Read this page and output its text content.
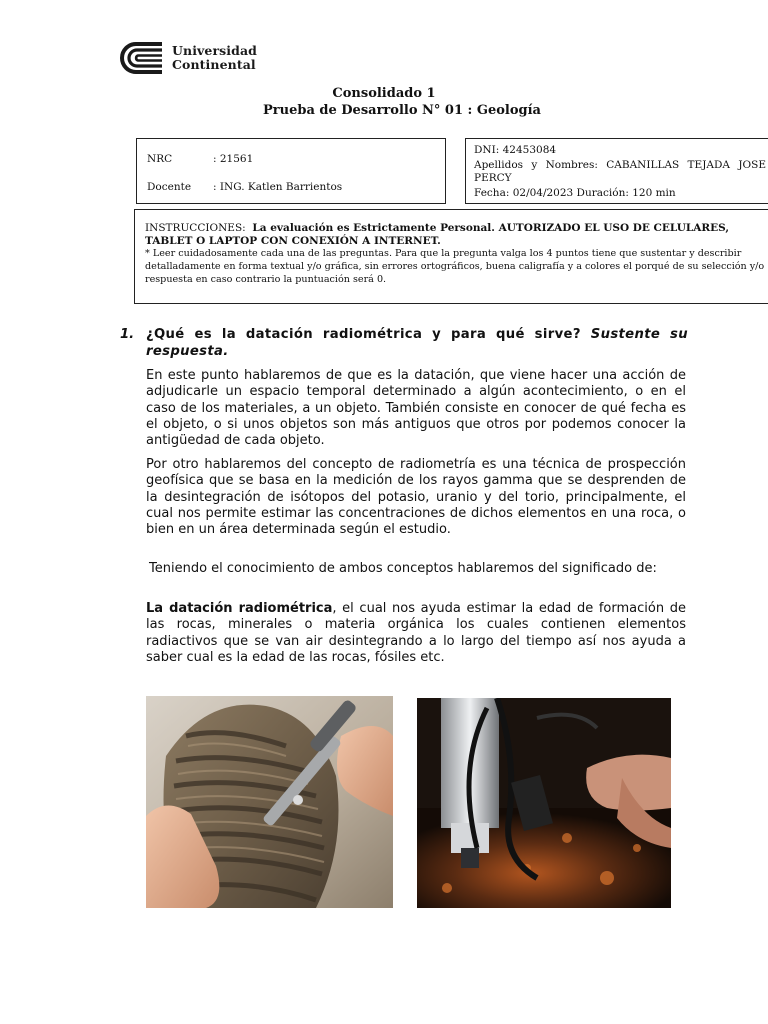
Universidad
Continental
Consolidado 1
Prueba de Desarrollo N° 01 : Geología
NRC	: 21561
Docente : ING. Katlen Barrientos
DNI: 42453084
Apellidos y Nombres: CABANILLAS TEJADA JOSE PERCY
Fecha: 02/04/2023 Duración: 120 min

INSTRUCCIONES: La evaluación es Estrictamente Personal. AUTORIZADO EL USO DE CELULARES, TABLET O LAPTOP CON CONEXIÓN A INTERNET.

* Leer cuidadosamente cada una de las preguntas. Para que la pregunta valga los 4 puntos tiene que sustentar y describir detalladamente en forma textual y/o gráfica, sin errores ortográficos, buena caligrafía y a colores el porqué de su selección y/o respuesta en caso contrario la puntuación será 0.

1. ¿Qué es la datación radiométrica y para qué sirve? Sustente su respuesta.
En este punto hablaremos de que es la datación, que viene hacer una acción de adjudicarle un espacio temporal determinado a algún acontecimiento, o en el caso de los materiales, a un objeto. También consiste en conocer de qué fecha es el objeto, o si unos objetos son más antiguos que otros por podemos conocer la antigüedad de cada objeto.
Por otro hablaremos del concepto de radiometría es una técnica de prospección geofísica que se basa en la medición de los rayos gamma que se desprenden de la desintegración de isótopos del potasio, uranio y del torio, principalmente, el cual nos permite estimar las concentraciones de dichos elementos en una roca, o bien en un área determinada según el estudio.
Teniendo el conocimiento de ambos conceptos hablaremos del significado de:
La datación radiométrica, el cual nos ayuda estimar la edad de formación de las rocas, minerales o materia orgánica los cuales contienen elementos radiactivos que se van air desintegrando a lo largo del tiempo así nos ayuda a saber cual es la edad de las rocas, fósiles etc.
